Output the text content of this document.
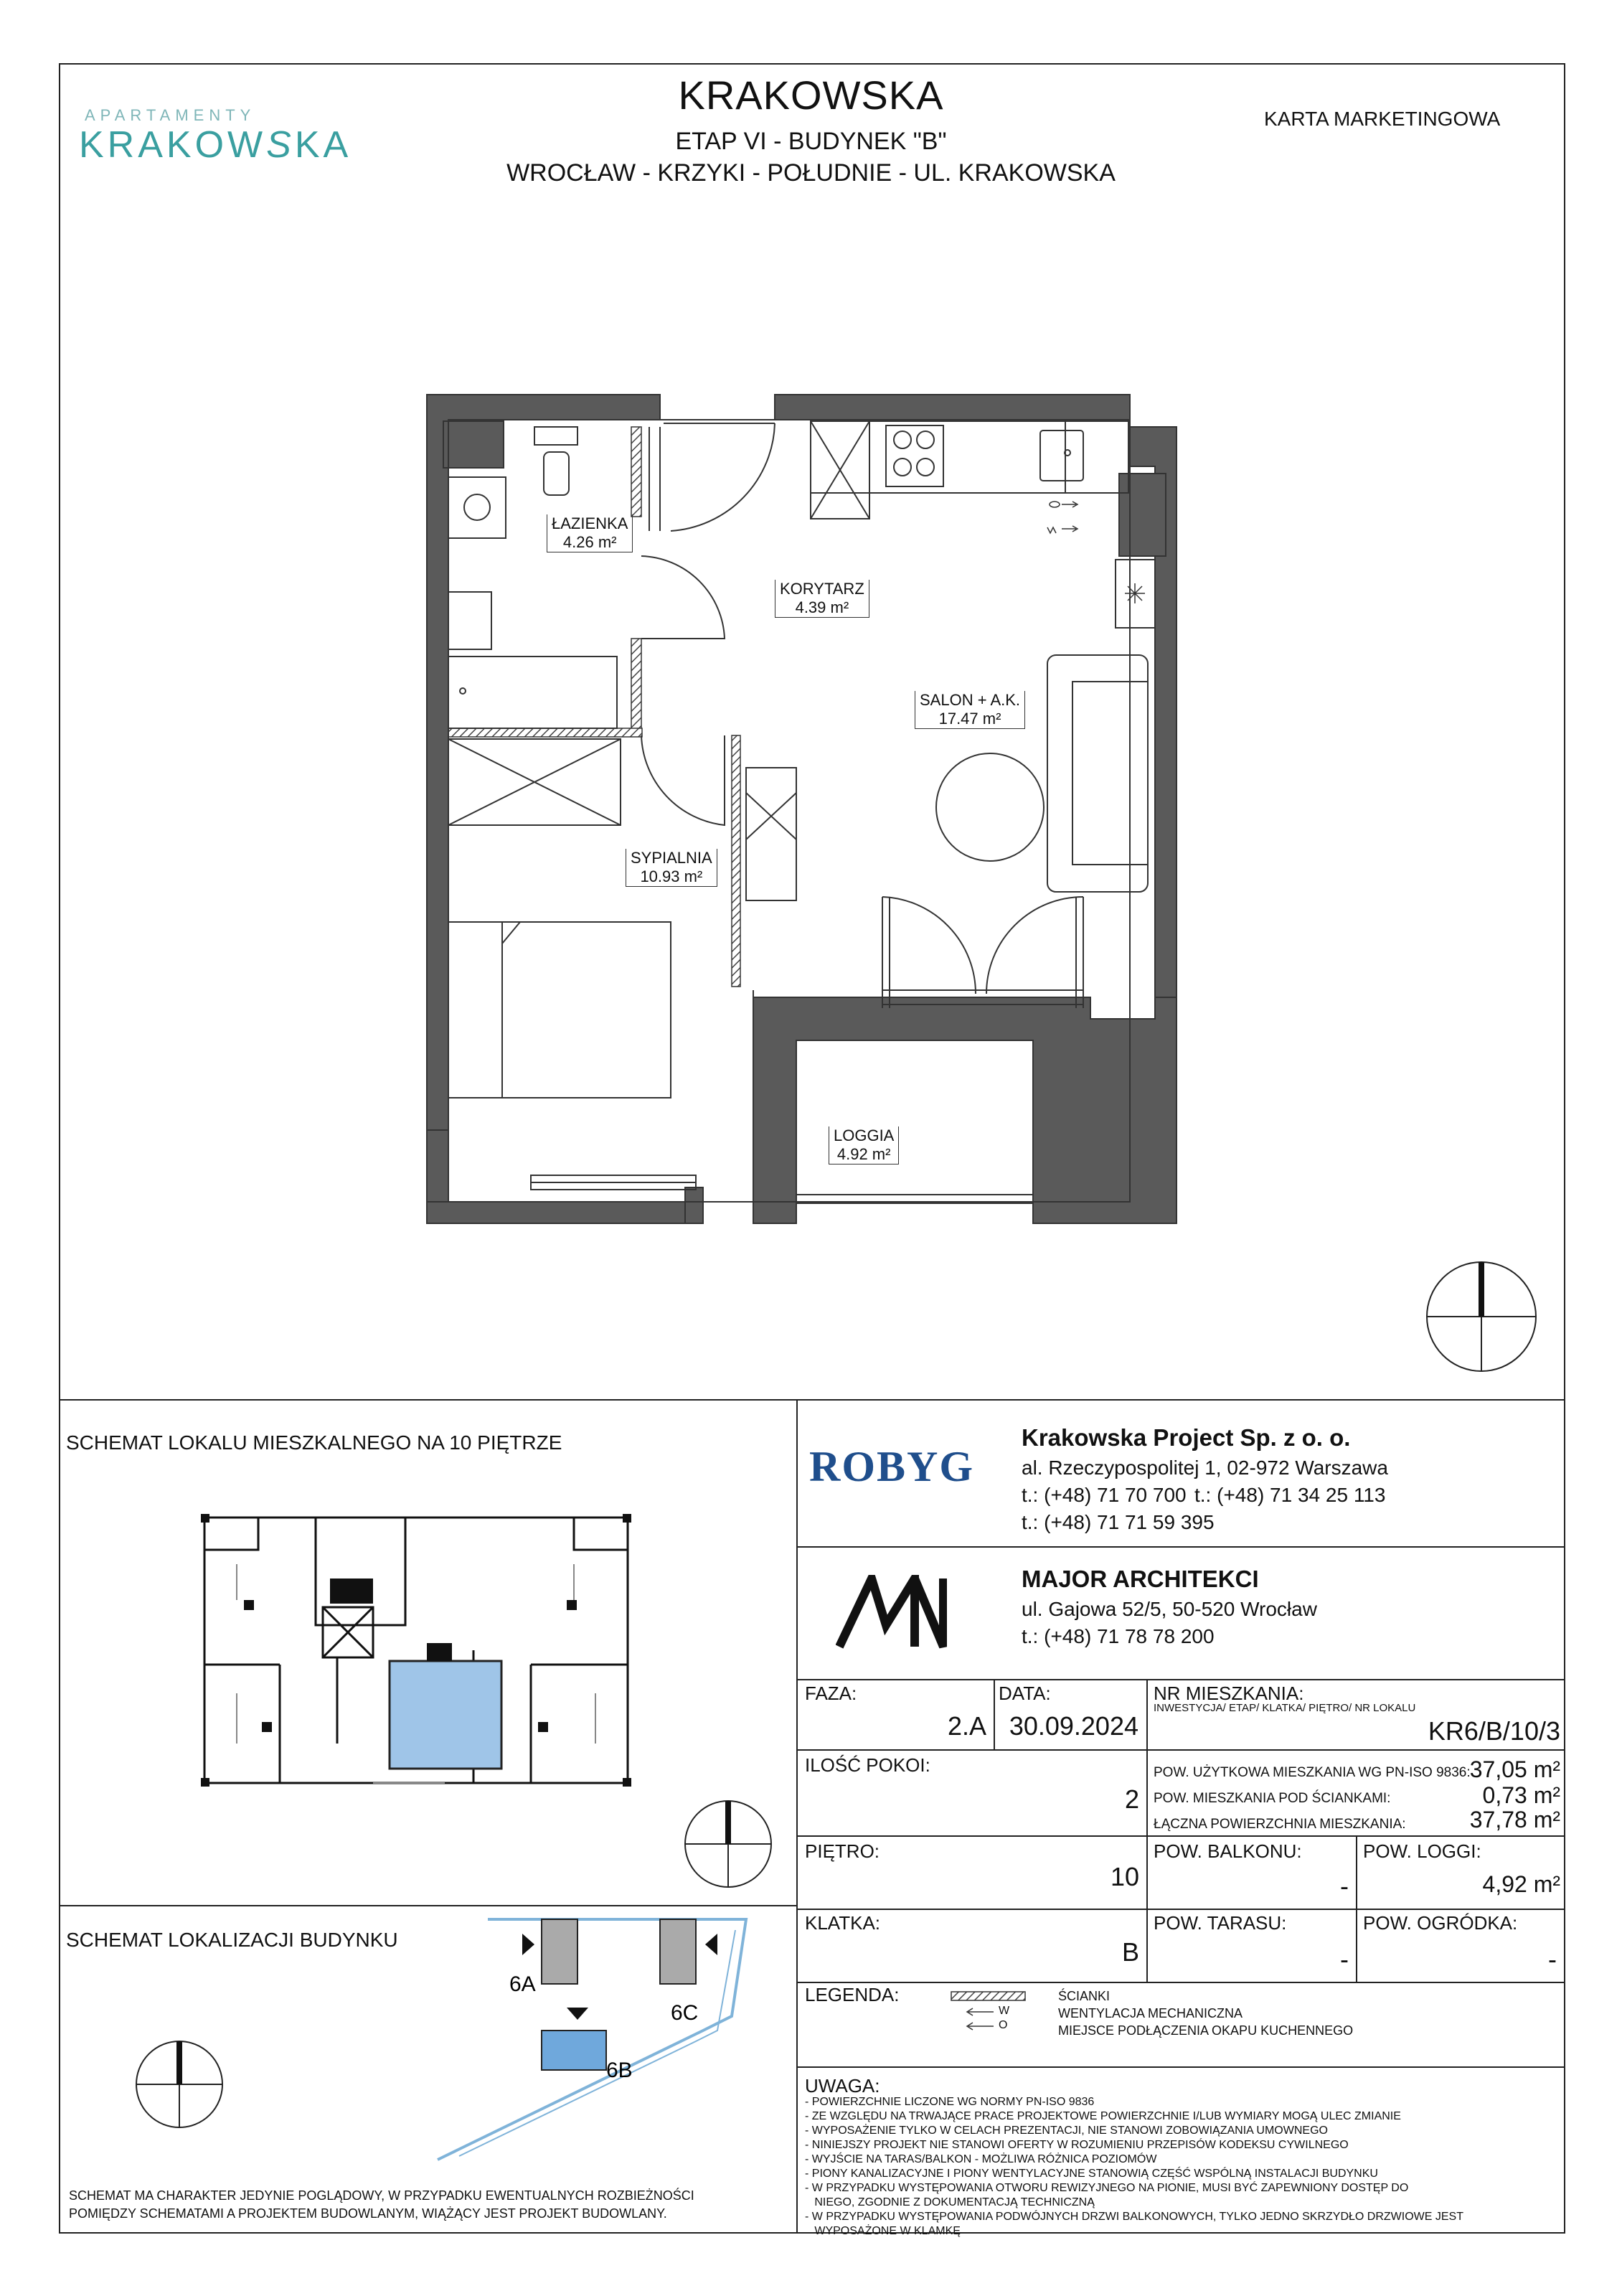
APARTAMENTY
KRAKOWSKA
KRAKOWSKA
ETAP VI - BUDYNEK "B"
WROCŁAW - KRZYKI - POŁUDNIE - UL. KRAKOWSKA
KARTA MARKETINGOWA
ŁAZIENKA
4.26 m²
KORYTARZ
4.39 m²
SALON + A.K.
17.47 m²
SYPIALNIA
10.93 m²
LOGGIA
4.92 m²
SCHEMAT LOKALU MIESZKALNEGO NA 10 PIĘTRZE
SCHEMAT LOKALIZACJI BUDYNKU
6A
6B
6C
SCHEMAT MA CHARAKTER JEDYNIE POGLĄDOWY, W PRZYPADKU EWENTUALNYCH ROZBIEŻNOŚCI POMIĘDZY SCHEMATAMI A PROJEKTEM BUDOWLANYM, WIĄŻĄCY JEST PROJEKT BUDOWLANY.
ROBYG
Krakowska Project Sp. z o. o.
al. Rzeczypospolitej 1, 02-972 Warszawa
t.: (+48) 71 70 700 t.: (+48) 71 34 25 113
t.: (+48) 71 71 59 395
MAJOR ARCHITEKCI
ul. Gajowa 52/5, 50-520 Wrocław
t.: (+48) 71 78 78 200
FAZA:
2.A
DATA:
30.09.2024
NR MIESZKANIA:
INWESTYCJA/ ETAP/ KLATKA/ PIĘTRO/ NR LOKALU
KR6/B/10/3
ILOŚĆ POKOI:
2
POW. UŻYTKOWA MIESZKANIA WG PN-ISO 9836: 37,05 m²
POW. MIESZKANIA POD ŚCIANKAMI:	0,73 m²
ŁĄCZNA POWIERZCHNIA MIESZKANIA:	37,78 m²
PIĘTRO:
10
POW. BALKONU:
-
POW. LOGGI:
4,92 m²
KLATKA:
B
POW. TARASU:
-
POW. OGRÓDKA:
-
LEGENDA:
W
O
ŚCIANKI
WENTYLACJA MECHANICZNA
MIEJSCE PODŁĄCZENIA OKAPU KUCHENNEGO
UWAGA:
- POWIERZCHNIE LICZONE WG NORMY PN-ISO 9836
- ZE WZGLĘDU NA TRWAJĄCE PRACE PROJEKTOWE POWIERZCHNIE I/LUB WYMIARY MOGĄ ULEC ZMIANIE
- WYPOSAŻENIE TYLKO W CELACH PREZENTACJI, NIE STANOWI ZOBOWIĄZANIA UMOWNEGO
- NINIEJSZY PROJEKT NIE STANOWI OFERTY W ROZUMIENIU PRZEPISÓW KODEKSU CYWILNEGO
- WYJŚCIE NA TARAS/BALKON - MOŻLIWA RÓŻNICA POZIOMÓW
- PIONY KANALIZACYJNE I PIONY WENTYLACYJNE STANOWIĄ CZĘŚĆ WSPÓLNĄ INSTALACJI BUDYNKU
- W PRZYPADKU WYSTĘPOWANIA OTWORU REWIZYJNEGO NA PIONIE, MUSI BYĆ ZAPEWNIONY DOSTĘP DO
NIEGO, ZGODNIE Z DOKUMENTACJĄ TECHNICZNĄ
- W PRZYPADKU WYSTĘPOWANIA PODWÓJNYCH DRZWI BALKONOWYCH, TYLKO JEDNO SKRZYDŁO DRZWIOWE JEST
WYPOSAŻONE W KLAMKĘ
